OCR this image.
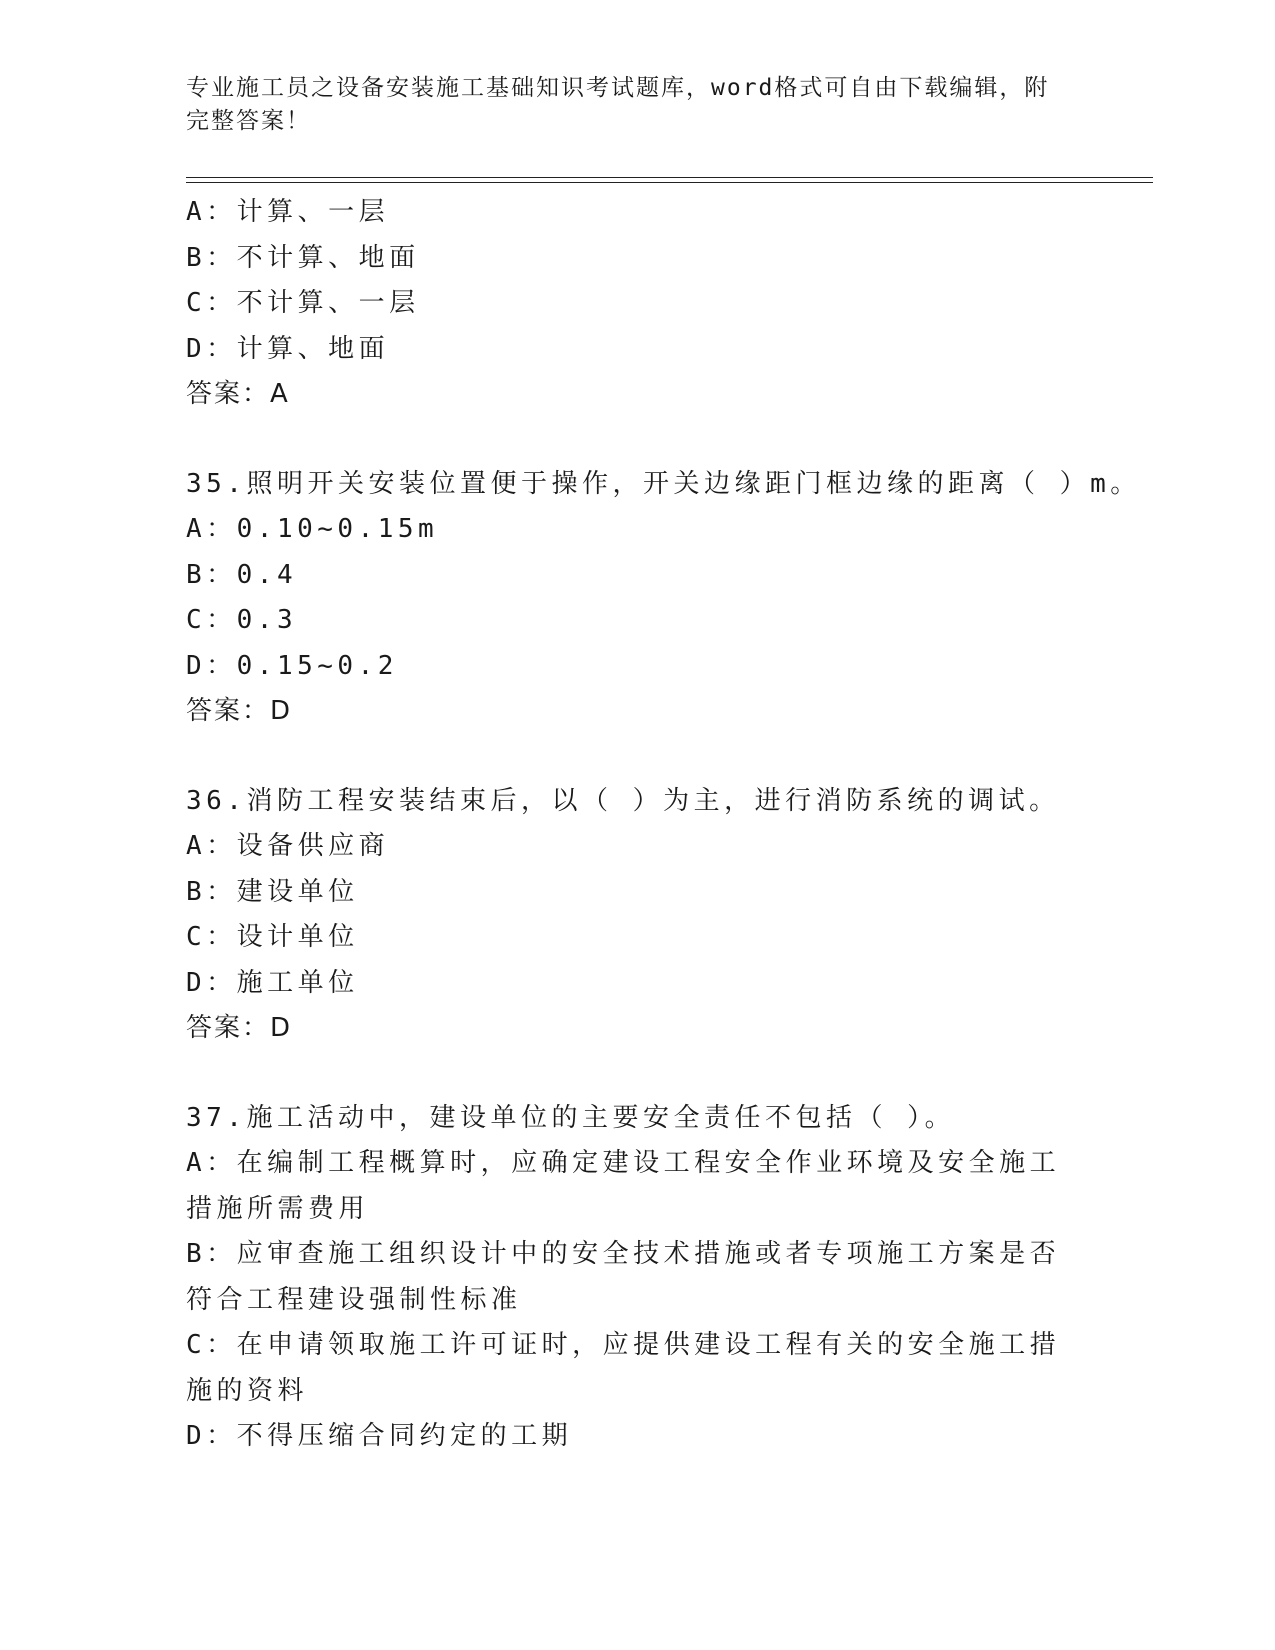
专业施工员之设备安装施工基础知识考试题库，word格式可自由下载编辑，附完整答案！
A：计算、一层
B：不计算、地面
C：不计算、一层
D：计算、地面
答案：A
35.照明开关安装位置便于操作，开关边缘距门框边缘的距离（ ）m。
A：0.10~0.15m
B：0.4
C：0.3
D：0.15~0.2
答案：D
36.消防工程安装结束后，以（ ）为主，进行消防系统的调试。
A：设备供应商
B：建设单位
C：设计单位
D：施工单位
答案：D
37.施工活动中，建设单位的主要安全责任不包括（ ）。
A：在编制工程概算时，应确定建设工程安全作业环境及安全施工措施所需费用
B：应审查施工组织设计中的安全技术措施或者专项施工方案是否符合工程建设强制性标准
C：在申请领取施工许可证时，应提供建设工程有关的安全施工措施的资料
D：不得压缩合同约定的工期
